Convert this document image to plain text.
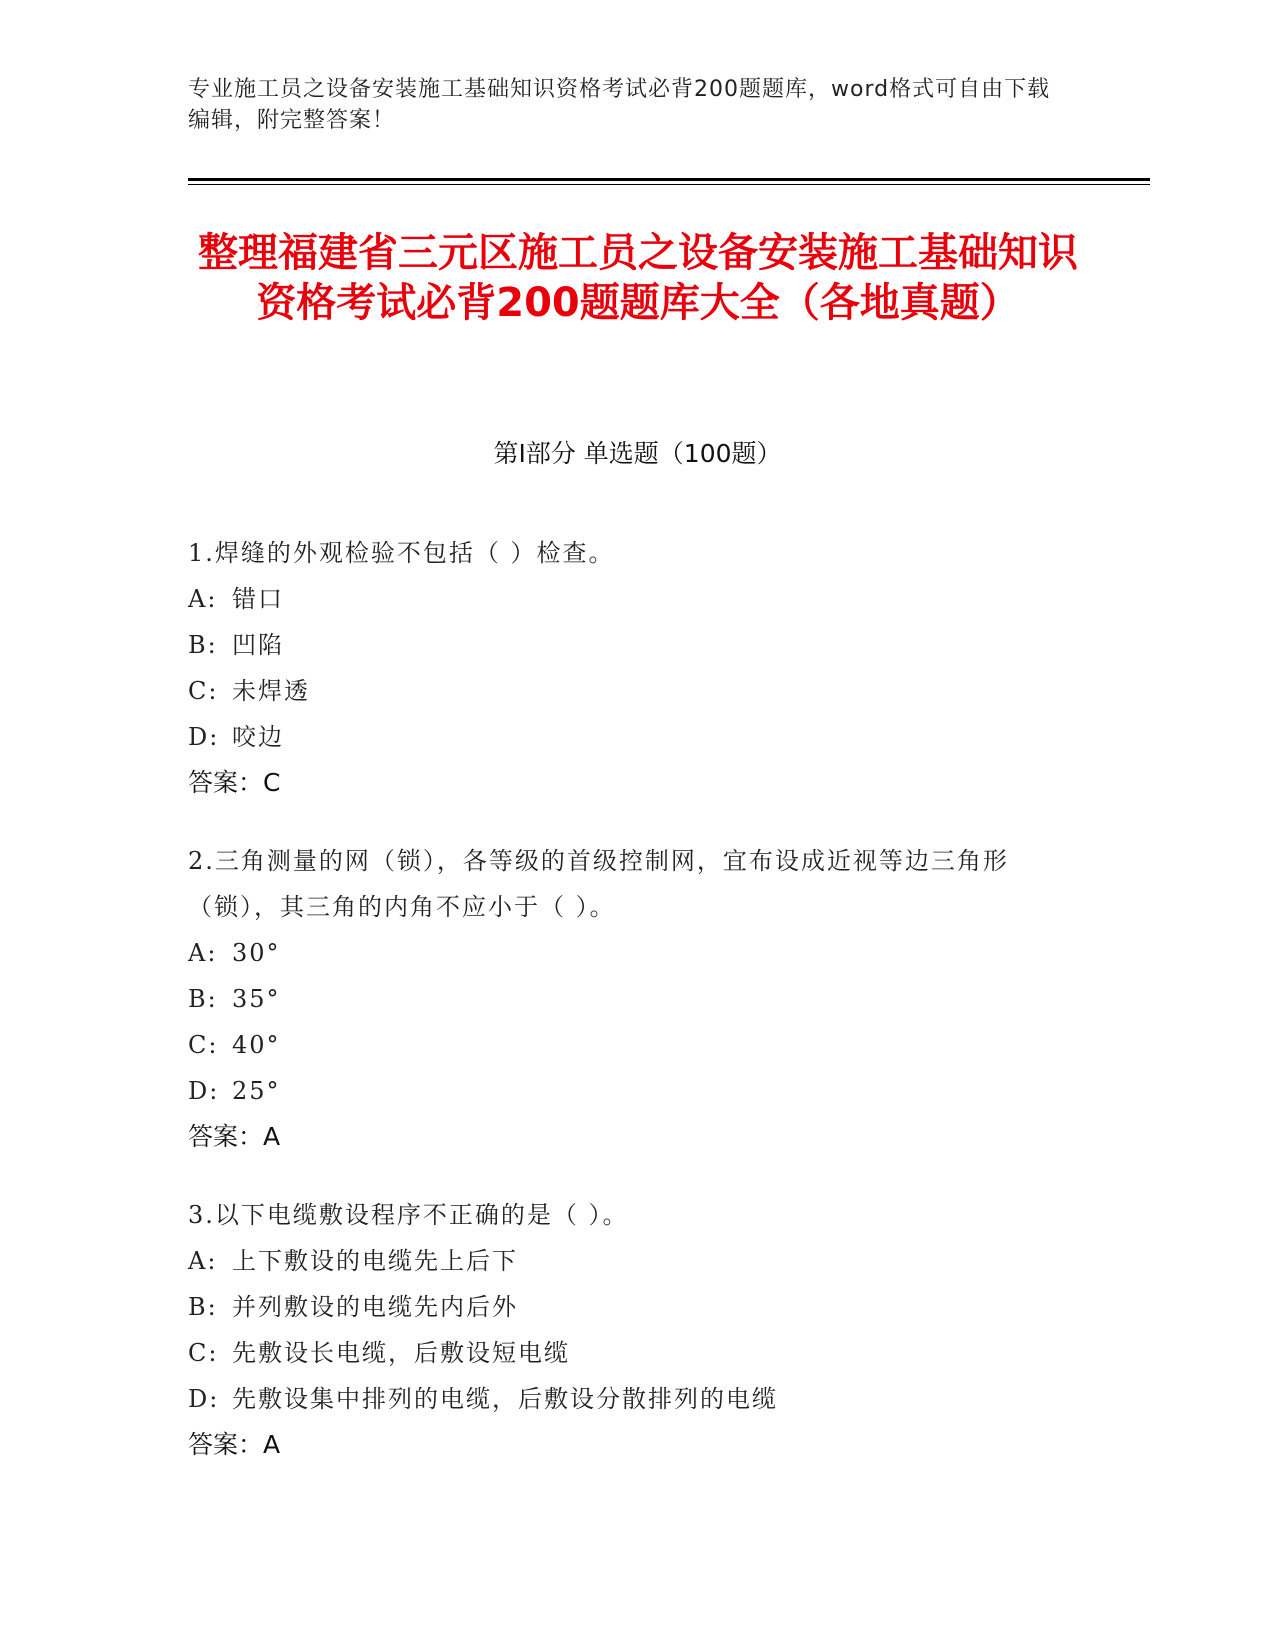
专业施工员之设备安装施工基础知识资格考试必背200题题库，word格式可自由下载编辑，附完整答案！
整理福建省三元区施工员之设备安装施工基础知识资格考试必背200题题库大全（各地真题）
第Ⅰ部分 单选题（100题）
1.焊缝的外观检验不包括（ ）检查。
A: 错口
B: 凹陷
C: 未焊透
D: 咬边
答案：C
2.三角测量的网（锁），各等级的首级控制网，宜布设成近视等边三角形（锁），其三角的内角不应小于（ ）。
A: 30°
B: 35°
C: 40°
D: 25°
答案：A
3.以下电缆敷设程序不正确的是（ ）。
A: 上下敷设的电缆先上后下
B: 并列敷设的电缆先内后外
C: 先敷设长电缆，后敷设短电缆
D: 先敷设集中排列的电缆，后敷设分散排列的电缆
答案：A
